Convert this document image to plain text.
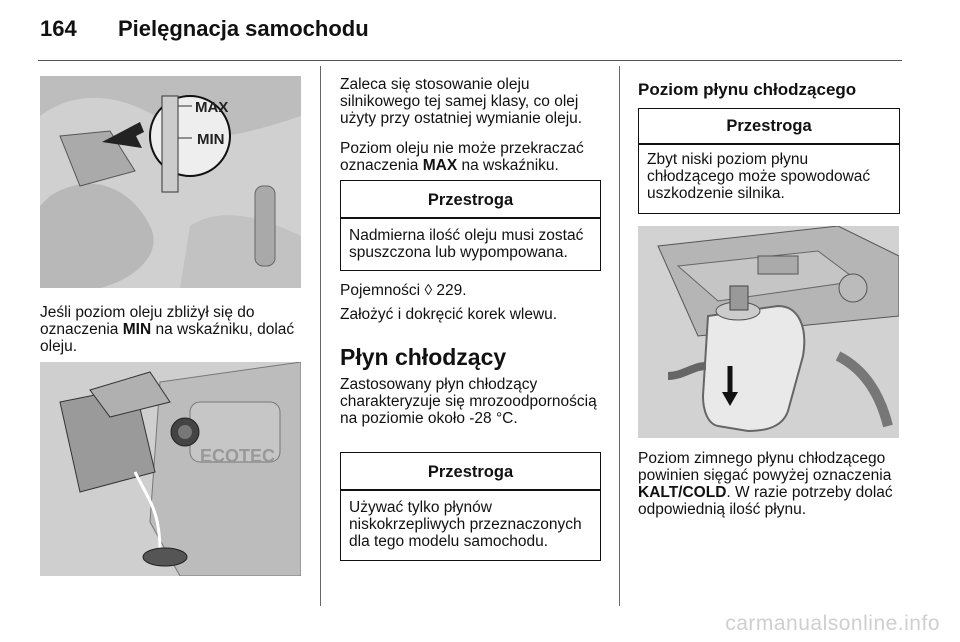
164 Pielęgnacja samochodu
MAX
MIN

Jeśli poziom oleju zbliżył się do oznaczenia MIN na wskaźniku, dolać oleju.

ECOTEC

Zaleca się stosowanie oleju silnikowego tej samej klasy, co olej użyty przy ostatniej wymianie oleju.

Poziom oleju nie może przekraczać oznaczenia MAX na wskaźniku.

Przestroga

Nadmierna ilość oleju musi zostać spuszczona lub wypompowana.

Pojemności ◊ 229.

Założyć i dokręcić korek wlewu.

Płyn chłodzący

Zastosowany płyn chłodzący charakteryzuje się mrozoodpornością na poziomie około -28 °C.

Przestroga

Używać tylko płynów niskokrzepliwych przeznaczonych dla tego modelu samochodu.

Poziom płynu chłodzącego
Przestroga

Zbyt niski poziom płynu chłodzącego może spowodować uszkodzenie silnika.

Poziom zimnego płynu chłodzącego powinien sięgać powyżej oznaczenia KALT/COLD. W razie potrzeby dolać odpowiednią ilość płynu.

carmanualsonline.info
